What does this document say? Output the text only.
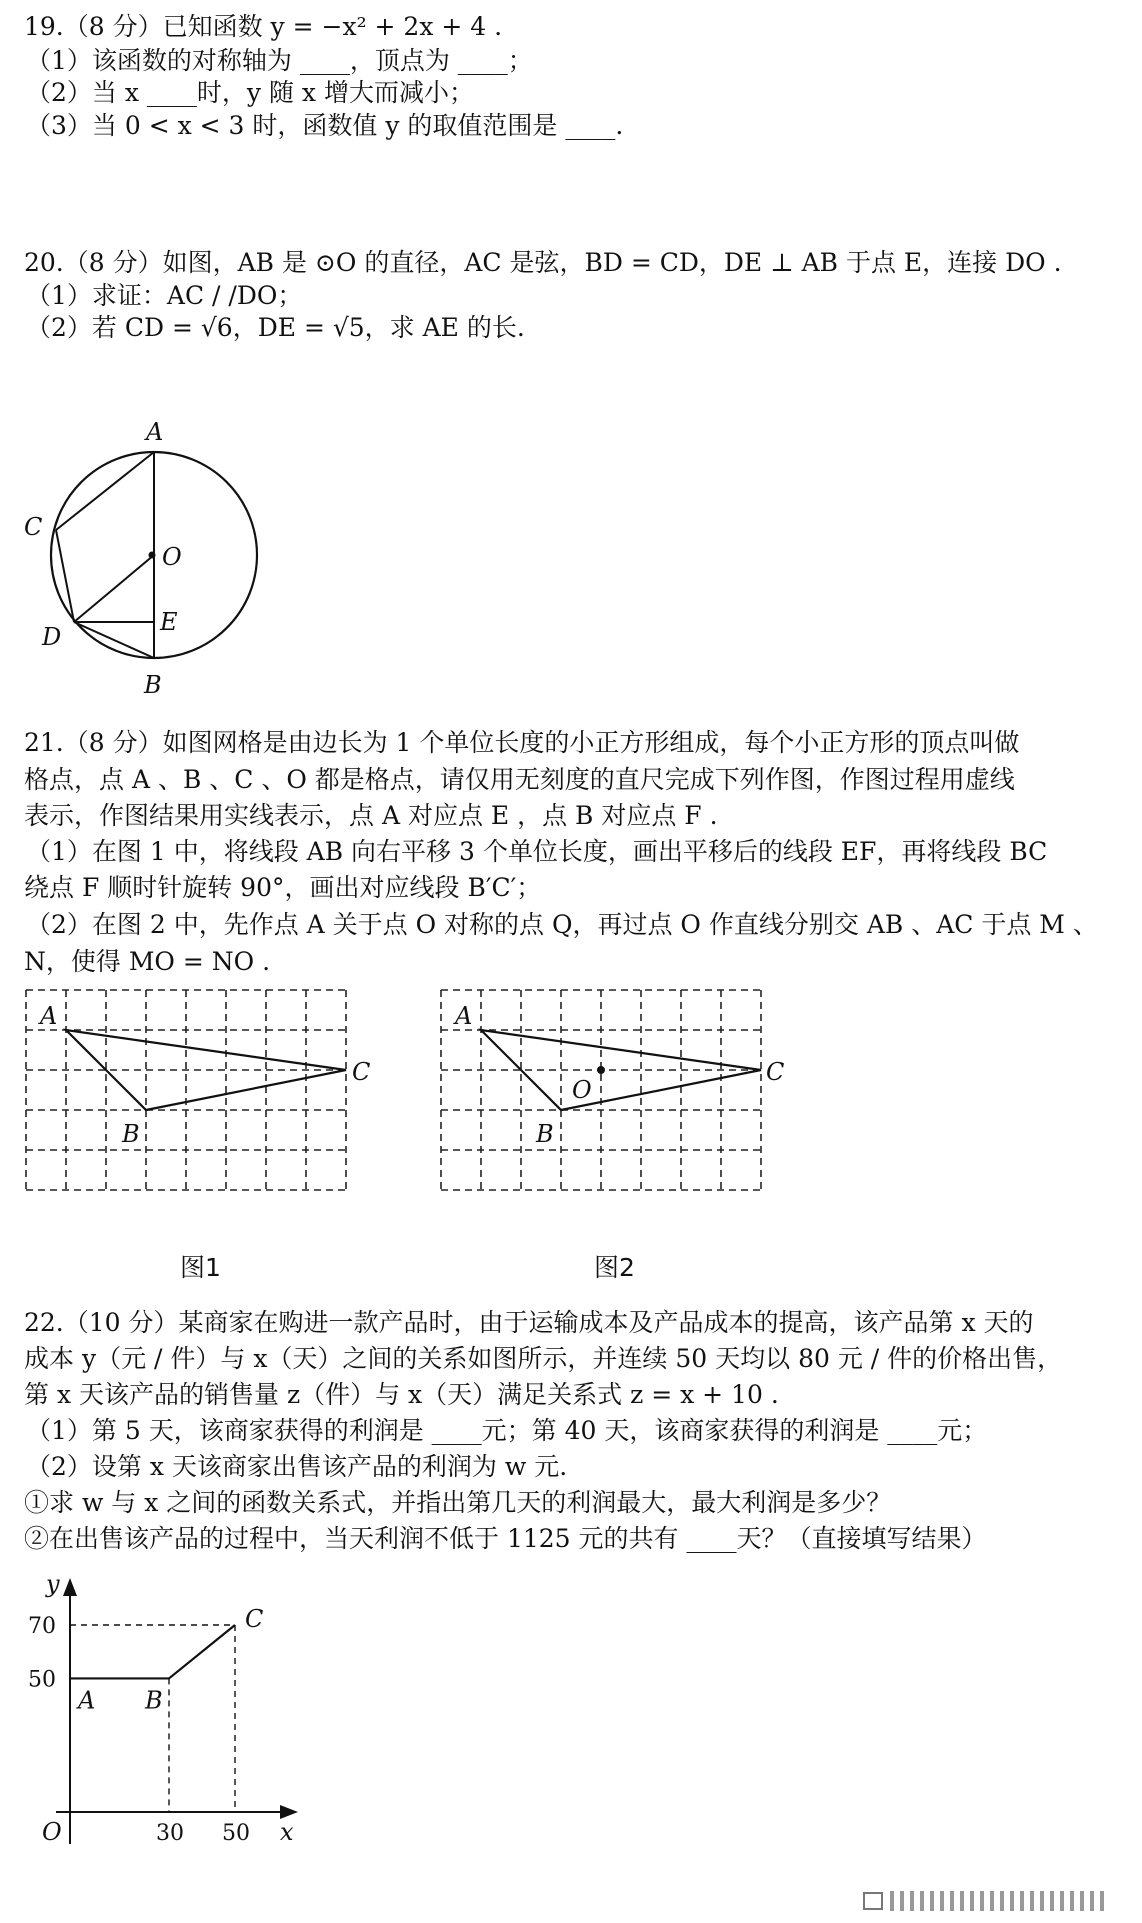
19.（8 分）已知函数 y = −x² + 2x + 4 .
（1）该函数的对称轴为 ____，顶点为 ____；
（2）当 x ____时，y 随 x 增大而减小；
（3）当 0 < x < 3 时，函数值 y 的取值范围是 ____.
20.（8 分）如图，AB 是 ⊙O 的直径，AC 是弦，BD = CD，DE ⊥ AB 于点 E，连接 DO .
（1）求证：AC / /DO；
（2）若 CD = √6，DE = √5，求 AE 的长.
A
B
C
D
E
O
21.（8 分）如图网格是由边长为 1 个单位长度的小正方形组成，每个小正方形的顶点叫做
格点，点 A 、B 、C 、O 都是格点，请仅用无刻度的直尺完成下列作图，作图过程用虚线
表示，作图结果用实线表示，点 A 对应点 E ，点 B 对应点 F .
（1）在图 1 中，将线段 AB 向右平移 3 个单位长度，画出平移后的线段 EF，再将线段 BC
绕点 F 顺时针旋转 90°，画出对应线段 B′C′；
（2）在图 2 中，先作点 A 关于点 O 对称的点 Q，再过点 O 作直线分别交 AB 、AC 于点 M 、
N，使得 MO = NO .
A
B
C
图1
A
B
C
O
图2
22.（10 分）某商家在购进一款产品时，由于运输成本及产品成本的提高，该产品第 x 天的
成本 y（元 / 件）与 x（天）之间的关系如图所示，并连续 50 天均以 80 元 / 件的价格出售，
第 x 天该产品的销售量 z（件）与 x（天）满足关系式 z = x + 10 .
（1）第 5 天，该商家获得的利润是 ____元；第 40 天，该商家获得的利润是 ____元；
（2）设第 x 天该商家出售该产品的利润为 w 元.
①求 w 与 x 之间的函数关系式，并指出第几天的利润最大，最大利润是多少？
②在出售该产品的过程中，当天利润不低于 1125 元的共有 ____天？（直接填写结果）
y
x
O
50
70
30 50
A B
C
